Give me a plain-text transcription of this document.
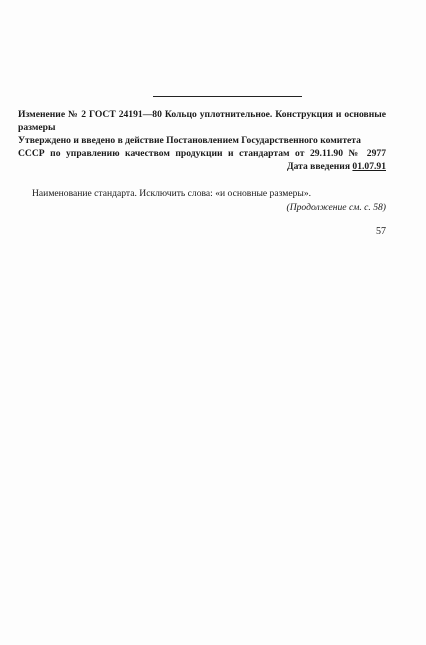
Изменение № 2 ГОСТ 24191—80 Кольцо уплотнительное. Конструкция и основные размеры
Утверждено и введено в действие Постановлением Государственного комитета
СССР по управлению качеством продукции и стандартам от 29.11.90 № 2977
Дата введения 01.07.91
Наименование стандарта. Исключить слова: «и основные размеры».
(Продолжение см. с. 58)
57
